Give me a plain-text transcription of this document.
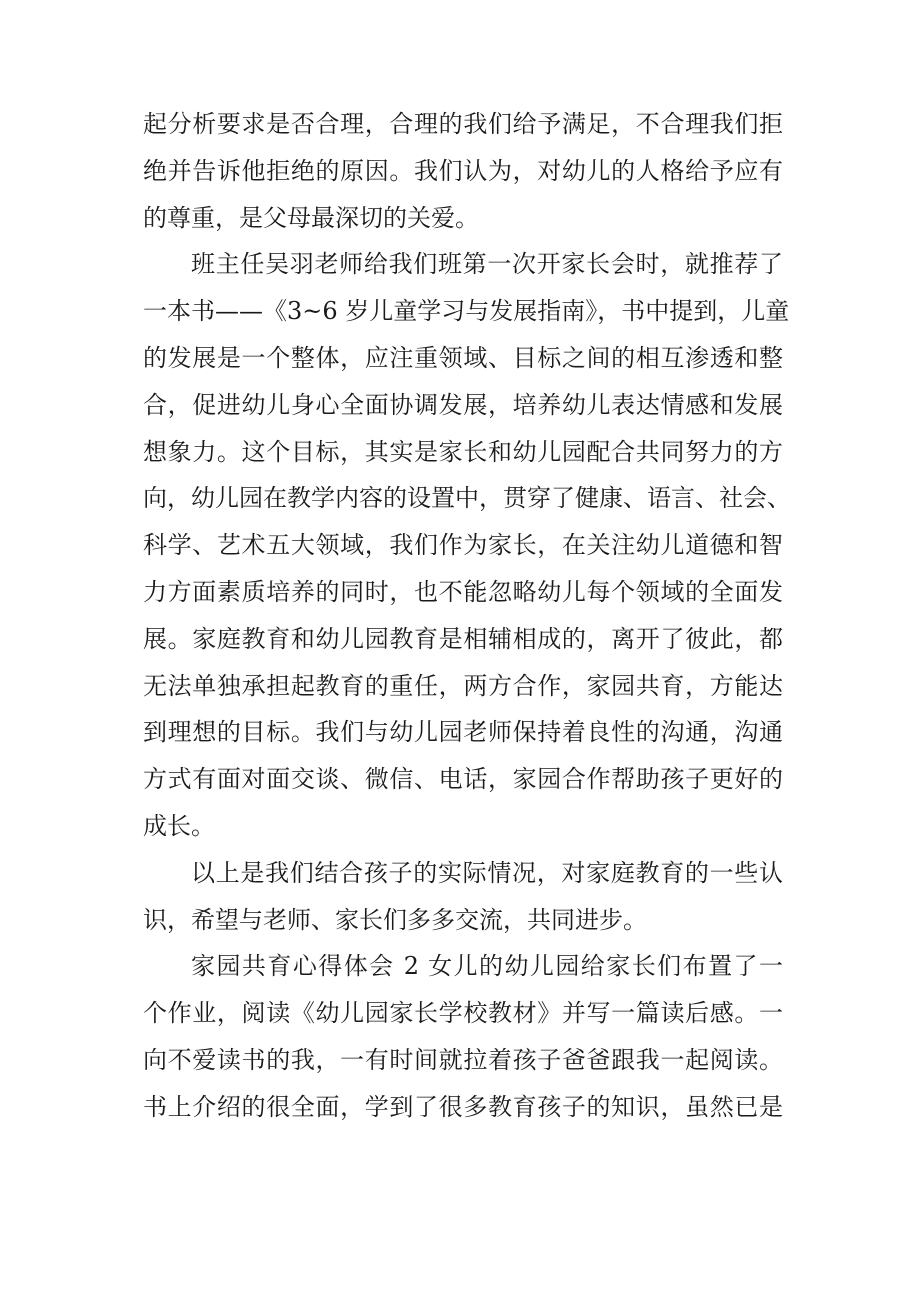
起分析要求是否合理，合理的我们给予满足，不合理我们拒
绝并告诉他拒绝的原因。我们认为，对幼儿的人格给予应有
的尊重，是父母最深切的关爱。
班主任吴羽老师给我们班第一次开家长会时，就推荐了
一本书——《3~6 岁儿童学习与发展指南》，书中提到，儿童
的发展是一个整体，应注重领域、目标之间的相互渗透和整
合，促进幼儿身心全面协调发展，培养幼儿表达情感和发展
想象力。这个目标，其实是家长和幼儿园配合共同努力的方
向，幼儿园在教学内容的设置中，贯穿了健康、语言、社会、
科学、艺术五大领域，我们作为家长，在关注幼儿道德和智
力方面素质培养的同时，也不能忽略幼儿每个领域的全面发
展。家庭教育和幼儿园教育是相辅相成的，离开了彼此，都
无法单独承担起教育的重任，两方合作，家园共育，方能达
到理想的目标。我们与幼儿园老师保持着良性的沟通，沟通
方式有面对面交谈、微信、电话，家园合作帮助孩子更好的
成长。
以上是我们结合孩子的实际情况，对家庭教育的一些认
识，希望与老师、家长们多多交流，共同进步。
家园共育心得体会 2 女儿的幼儿园给家长们布置了一
个作业，阅读《幼儿园家长学校教材》并写一篇读后感。一
向不爱读书的我，一有时间就拉着孩子爸爸跟我一起阅读。
书上介绍的很全面，学到了很多教育孩子的知识，虽然已是
